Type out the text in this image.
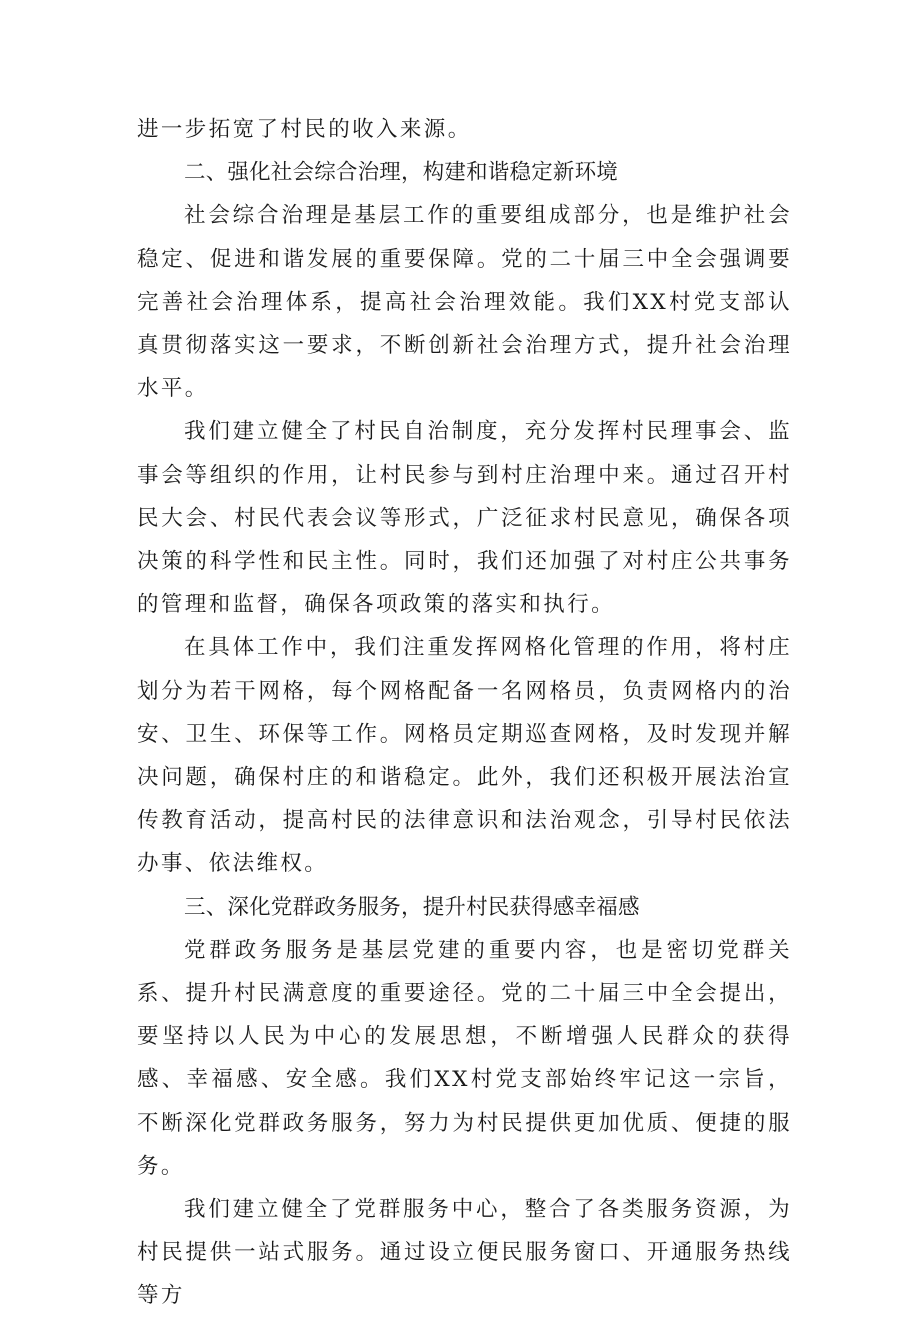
进一步拓宽了村民的收入来源。

二、强化社会综合治理，构建和谐稳定新环境

社会综合治理是基层工作的重要组成部分，也是维护社会稳定、促进和谐发展的重要保障。党的二十届三中全会强调要完善社会治理体系，提高社会治理效能。我们XX村党支部认真贯彻落实这一要求，不断创新社会治理方式，提升社会治理水平。

我们建立健全了村民自治制度，充分发挥村民理事会、监事会等组织的作用，让村民参与到村庄治理中来。通过召开村民大会、村民代表会议等形式，广泛征求村民意见，确保各项决策的科学性和民主性。同时，我们还加强了对村庄公共事务的管理和监督，确保各项政策的落实和执行。

在具体工作中，我们注重发挥网格化管理的作用，将村庄划分为若干网格，每个网格配备一名网格员，负责网格内的治安、卫生、环保等工作。网格员定期巡查网格，及时发现并解决问题，确保村庄的和谐稳定。此外，我们还积极开展法治宣传教育活动，提高村民的法律意识和法治观念，引导村民依法办事、依法维权。

三、深化党群政务服务，提升村民获得感幸福感

党群政务服务是基层党建的重要内容，也是密切党群关系、提升村民满意度的重要途径。党的二十届三中全会提出，要坚持以人民为中心的发展思想，不断增强人民群众的获得感、幸福感、安全感。我们XX村党支部始终牢记这一宗旨，不断深化党群政务服务，努力为村民提供更加优质、便捷的服务。

我们建立健全了党群服务中心，整合了各类服务资源，为村民提供一站式服务。通过设立便民服务窗口、开通服务热线等方
